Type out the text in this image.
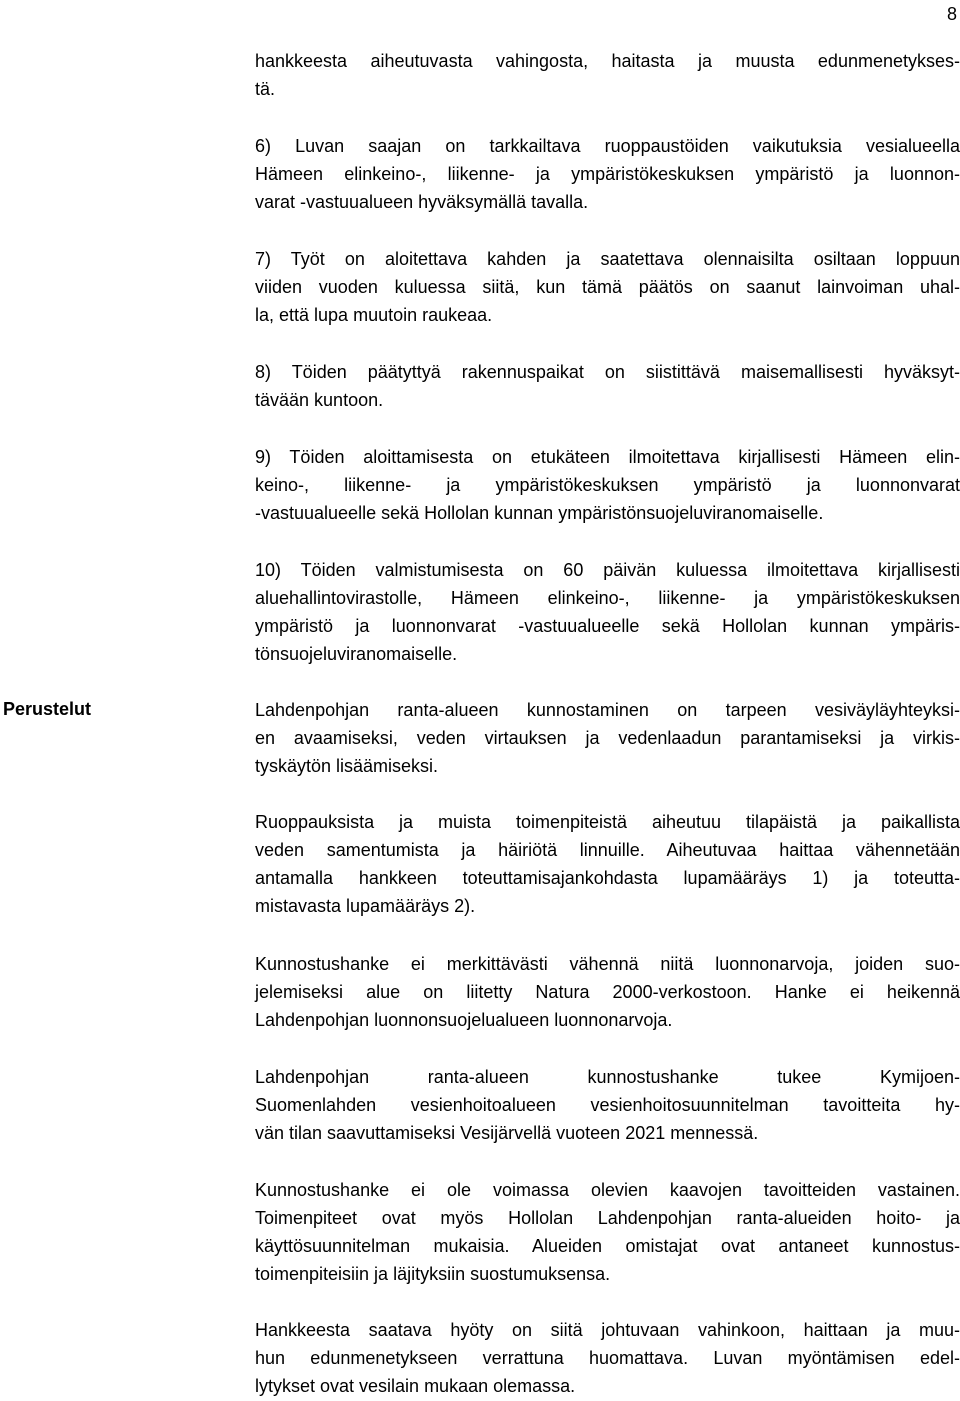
8
Perustelut
hankkeesta aiheutuvasta vahingosta, haitasta ja muusta edunmenetykses-
tä.
6) Luvan saajan on tarkkailtava ruoppaustöiden vaikutuksia vesialueella
Hämeen elinkeino-, liikenne- ja ympäristökeskuksen ympäristö ja luonnon-
varat -vastuualueen hyväksymällä tavalla.
7) Työt on aloitettava kahden ja saatettava olennaisilta osiltaan loppuun
viiden vuoden kuluessa siitä, kun tämä päätös on saanut lainvoiman uhal-
la, että lupa muutoin raukeaa.
8) Töiden päätyttyä rakennuspaikat on siistittävä maisemallisesti hyväksyt-
tävään kuntoon.
9) Töiden aloittamisesta on etukäteen ilmoitettava kirjallisesti Hämeen elin-
keino-, liikenne- ja ympäristökeskuksen ympäristö ja luonnonvarat
-vastuualueelle sekä Hollolan kunnan ympäristönsuojeluviranomaiselle.
10) Töiden valmistumisesta on 60 päivän kuluessa ilmoitettava kirjallisesti
aluehallintovirastolle, Hämeen elinkeino-, liikenne- ja ympäristökeskuksen
ympäristö ja luonnonvarat -vastuualueelle sekä Hollolan kunnan ympäris-
tönsuojeluviranomaiselle.
Lahdenpohjan ranta-alueen kunnostaminen on tarpeen vesiväyläyhteyksi-
en avaamiseksi, veden virtauksen ja vedenlaadun parantamiseksi ja virkis-
tyskäytön lisäämiseksi.
Ruoppauksista ja muista toimenpiteistä aiheutuu tilapäistä ja paikallista
veden samentumista ja häiriötä linnuille. Aiheutuvaa haittaa vähennetään
antamalla hankkeen toteuttamisajankohdasta lupamääräys 1) ja toteutta-
mistavasta lupamääräys 2).
Kunnostushanke ei merkittävästi vähennä niitä luonnonarvoja, joiden suo-
jelemiseksi alue on liitetty Natura 2000-verkostoon. Hanke ei heikennä
Lahdenpohjan luonnonsuojelualueen luonnonarvoja.
Lahdenpohjan ranta-alueen kunnostushanke tukee Kymijoen-
Suomenlahden vesienhoitoalueen vesienhoitosuunnitelman tavoitteita hy-
vän tilan saavuttamiseksi Vesijärvellä vuoteen 2021 mennessä.
Kunnostushanke ei ole voimassa olevien kaavojen tavoitteiden vastainen.
Toimenpiteet ovat myös Hollolan Lahdenpohjan ranta-alueiden hoito- ja
käyttösuunnitelman mukaisia. Alueiden omistajat ovat antaneet kunnostus-
toimenpiteisiin ja läjityksiin suostumuksensa.
Hankkeesta saatava hyöty on siitä johtuvaan vahinkoon, haittaan ja muu-
hun edunmenetykseen verrattuna huomattava. Luvan myöntämisen edel-
lytykset ovat vesilain mukaan olemassa.
